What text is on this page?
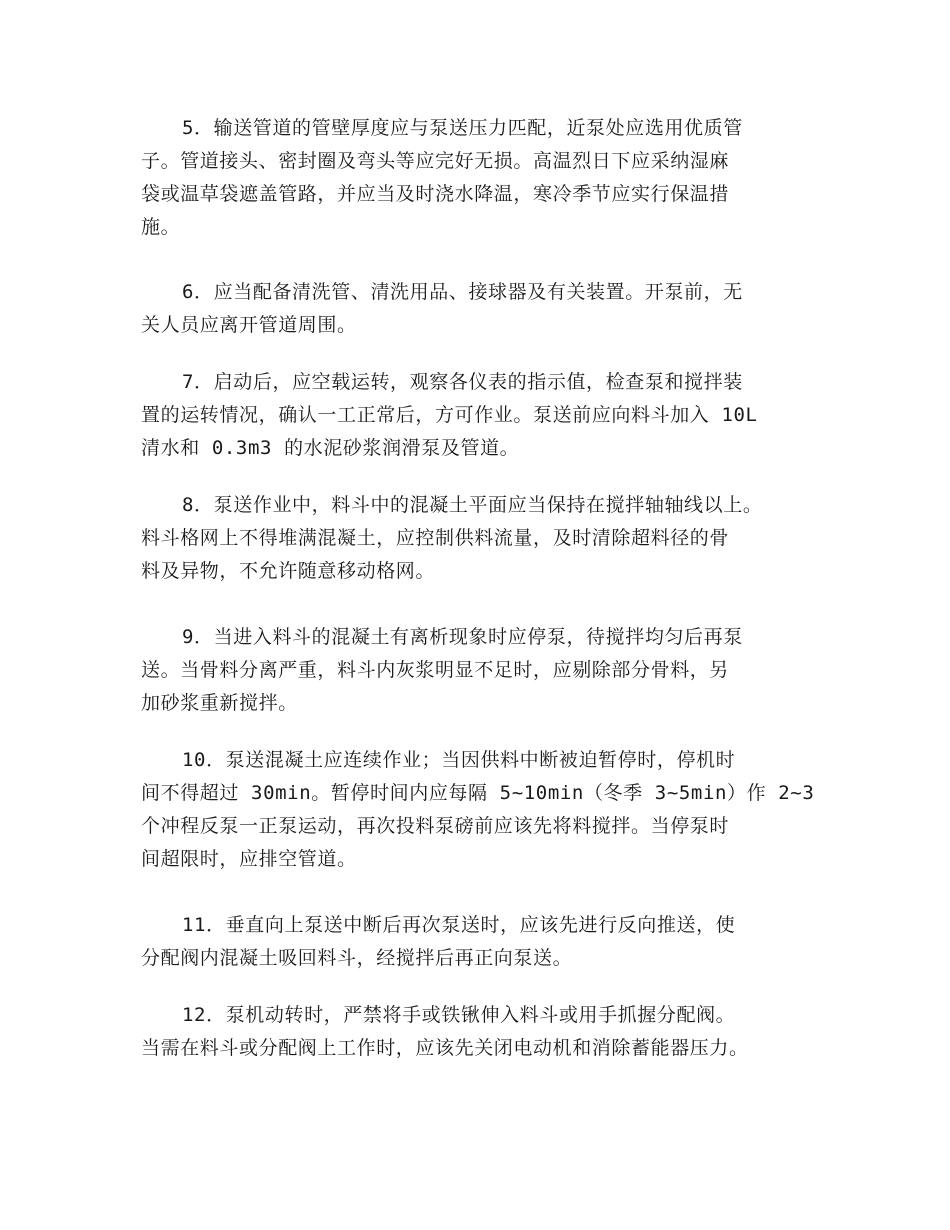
5．输送管道的管壁厚度应与泵送压力匹配，近泵处应选用优质管
子。管道接头、密封圈及弯头等应完好无损。高温烈日下应采纳湿麻
袋或温草袋遮盖管路，并应当及时浇水降温，寒冷季节应实行保温措
施。
6．应当配备清洗管、清洗用品、接球器及有关装置。开泵前，无
关人员应离开管道周围。
7．启动后，应空载运转，观察各仪表的指示值，检查泵和搅拌装
置的运转情况，确认一工正常后，方可作业。泵送前应向料斗加入 10L
清水和 0.3m3 的水泥砂浆润滑泵及管道。
8．泵送作业中，料斗中的混凝土平面应当保持在搅拌轴轴线以上。
料斗格网上不得堆满混凝土，应控制供料流量，及时清除超料径的骨
料及异物，不允许随意移动格网。
9．当进入料斗的混凝土有离析现象时应停泵，待搅拌均匀后再泵
送。当骨料分离严重，料斗内灰浆明显不足时，应剔除部分骨料，另
加砂浆重新搅拌。
10．泵送混凝土应连续作业；当因供料中断被迫暂停时，停机时
间不得超过 30min。暂停时间内应每隔 5~10min（冬季 3~5min）作 2~3
个冲程反泵一正泵运动，再次投料泵磅前应该先将料搅拌。当停泵时
间超限时，应排空管道。
11．垂直向上泵送中断后再次泵送时，应该先进行反向推送，使
分配阀内混凝土吸回料斗，经搅拌后再正向泵送。
12．泵机动转时，严禁将手或铁锹伸入料斗或用手抓握分配阀。
当需在料斗或分配阀上工作时，应该先关闭电动机和消除蓄能器压力。
